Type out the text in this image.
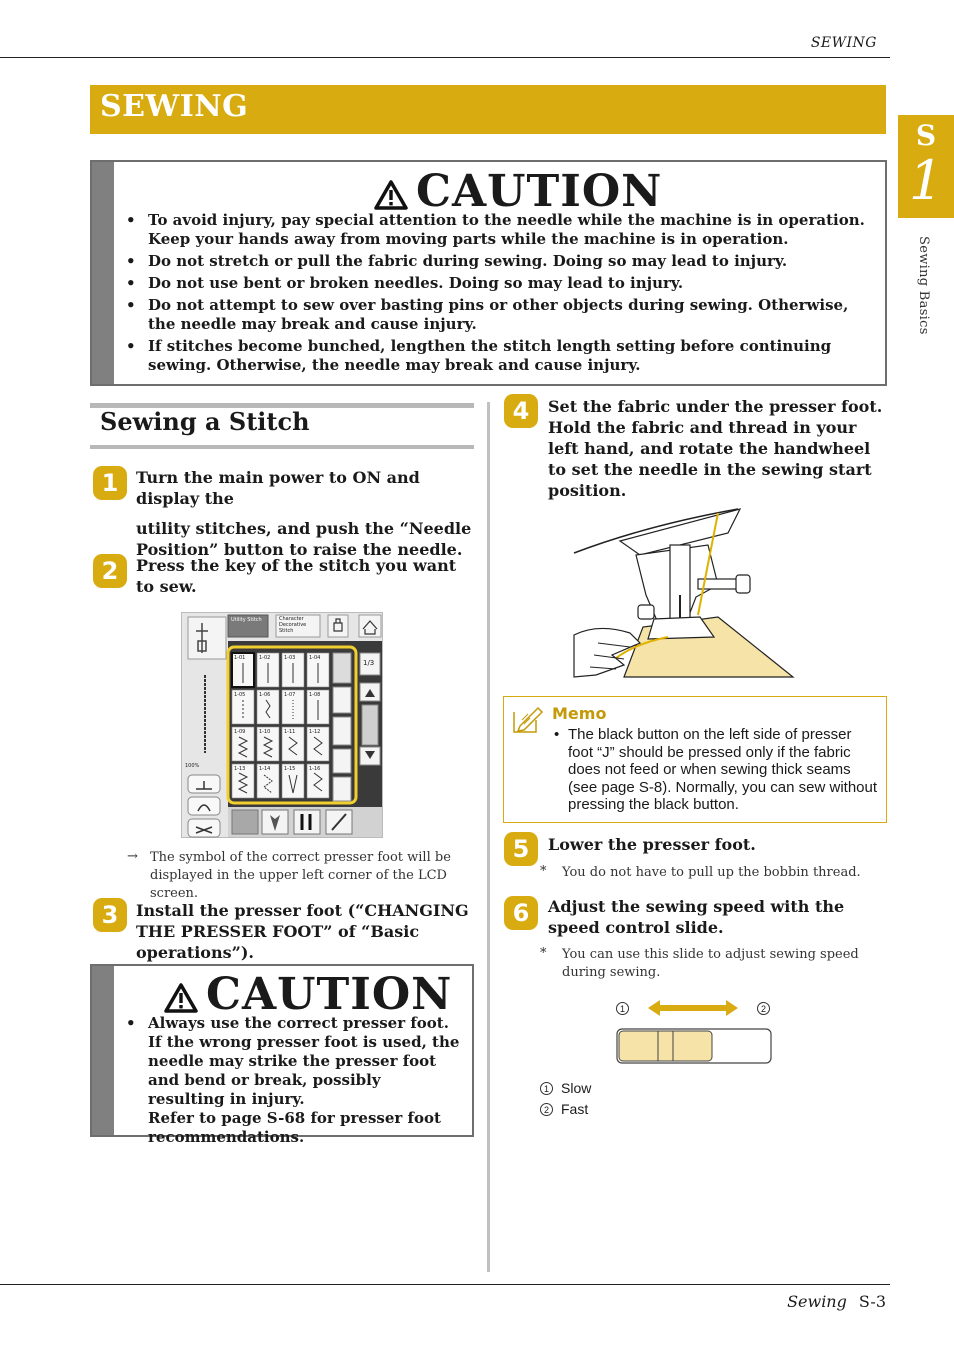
SEWING
S
1
Sewing Basics
SEWING
CAUTION
• To avoid injury, pay special attention to the needle while the machine is in operation. Keep your hands away from moving parts while the machine is in operation.
• Do not stretch or pull the fabric during sewing. Doing so may lead to injury.
• Do not use bent or broken needles. Doing so may lead to injury.
• Do not attempt to sew over basting pins or other objects during sewing. Otherwise, the needle may break and cause injury.
• If stitches become bunched, lengthen the stitch length setting before continuing sewing. Otherwise, the needle may break and cause injury.
Sewing a Stitch
1	Turn the main power to ON and display the
utility stitches, and push the “Needle Position” button to raise the needle.
2	Press the key of the stitch you want to sew.
Utility Stitch	Character Decorative Stitch
1/3
100%
1-01	1-02	1-03	1-04
1-05	1-06	1-07	1-08
1-09	1-10	1-11	1-12
1-13	1-14	1-15	1-16
→ The symbol of the correct presser foot will be displayed in the upper left corner of the LCD screen.
3	Install the presser foot (“CHANGING THE PRESSER FOOT” of “Basic operations”).
CAUTION
• Always use the correct presser foot. If the wrong presser foot is used, the needle may strike the presser foot and bend or break, possibly resulting in injury.
Refer to page S-68 for presser foot recommendations.
4	Set the fabric under the presser foot. Hold the fabric and thread in your left hand, and rotate the handwheel to set the needle in the sewing start position.
Memo
• The black button on the left side of presser foot “J” should be pressed only if the fabric does not feed or when sewing thick seams (see page S-8). Normally, you can sew without pressing the black button.
5	Lower the presser foot.
* You do not have to pull up the bobbin thread.
6	Adjust the sewing speed with the speed control slide.
* You can use this slide to adjust sewing speed during sewing.
1	2
1 Slow
2 Fast
Sewing S-3
